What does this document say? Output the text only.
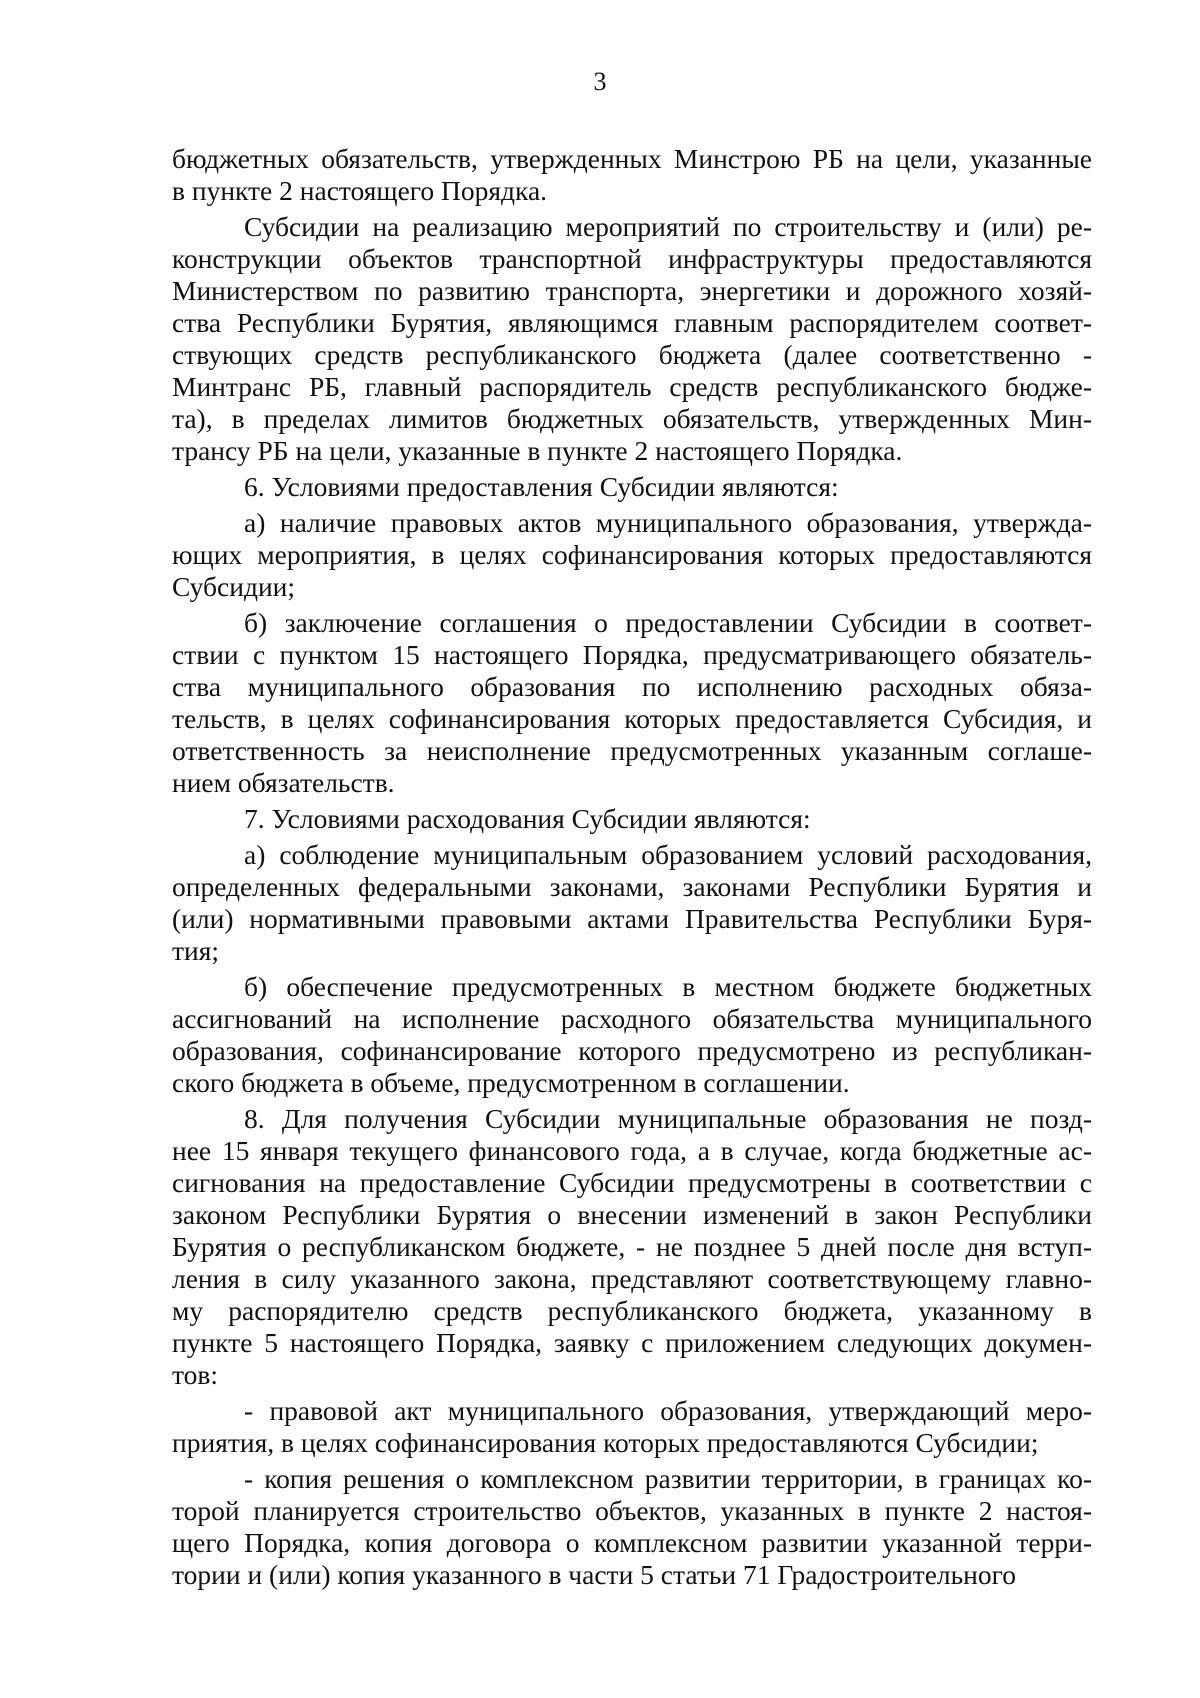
3
бюджетных обязательств, утвержденных Минстрою РБ на цели, указанные
в пункте 2 настоящего Порядка.
Субсидии на реализацию мероприятий по строительству и (или) ре-
конструкции объектов транспортной инфраструктуры предоставляются
Министерством по развитию транспорта, энергетики и дорожного хозяй-
ства Республики Бурятия, являющимся главным распорядителем соответ-
ствующих средств республиканского бюджета (далее соответственно -
Минтранс РБ, главный распорядитель средств республиканского бюдже-
та), в пределах лимитов бюджетных обязательств, утвержденных Мин-
трансу РБ на цели, указанные в пункте 2 настоящего Порядка.
6. Условиями предоставления Субсидии являются:
а) наличие правовых актов муниципального образования, утвержда-
ющих мероприятия, в целях софинансирования которых предоставляются
Субсидии;
б) заключение соглашения о предоставлении Субсидии в соответ-
ствии с пунктом 15 настоящего Порядка, предусматривающего обязатель-
ства муниципального образования по исполнению расходных обяза-
тельств, в целях софинансирования которых предоставляется Субсидия, и
ответственность за неисполнение предусмотренных указанным соглаше-
нием обязательств.
7. Условиями расходования Субсидии являются:
а) соблюдение муниципальным образованием условий расходования,
определенных федеральными законами, законами Республики Бурятия и
(или) нормативными правовыми актами Правительства Республики Буря-
тия;
б) обеспечение предусмотренных в местном бюджете бюджетных
ассигнований на исполнение расходного обязательства муниципального
образования, софинансирование которого предусмотрено из республикан-
ского бюджета в объеме, предусмотренном в соглашении.
8. Для получения Субсидии муниципальные образования не позд-
нее 15 января текущего финансового года, а в случае, когда бюджетные ас-
сигнования на предоставление Субсидии предусмотрены в соответствии с
законом Республики Бурятия о внесении изменений в закон Республики
Бурятия о республиканском бюджете, - не позднее 5 дней после дня вступ-
ления в силу указанного закона, представляют соответствующему главно-
му распорядителю средств республиканского бюджета, указанному в
пункте 5 настоящего Порядка, заявку с приложением следующих докумен-
тов:
- правовой акт муниципального образования, утверждающий меро-
приятия, в целях софинансирования которых предоставляются Субсидии;
- копия решения о комплексном развитии территории, в границах ко-
торой планируется строительство объектов, указанных в пункте 2 настоя-
щего Порядка, копия договора о комплексном развитии указанной терри-
тории и (или) копия указанного в части 5 статьи 71 Градостроительного
